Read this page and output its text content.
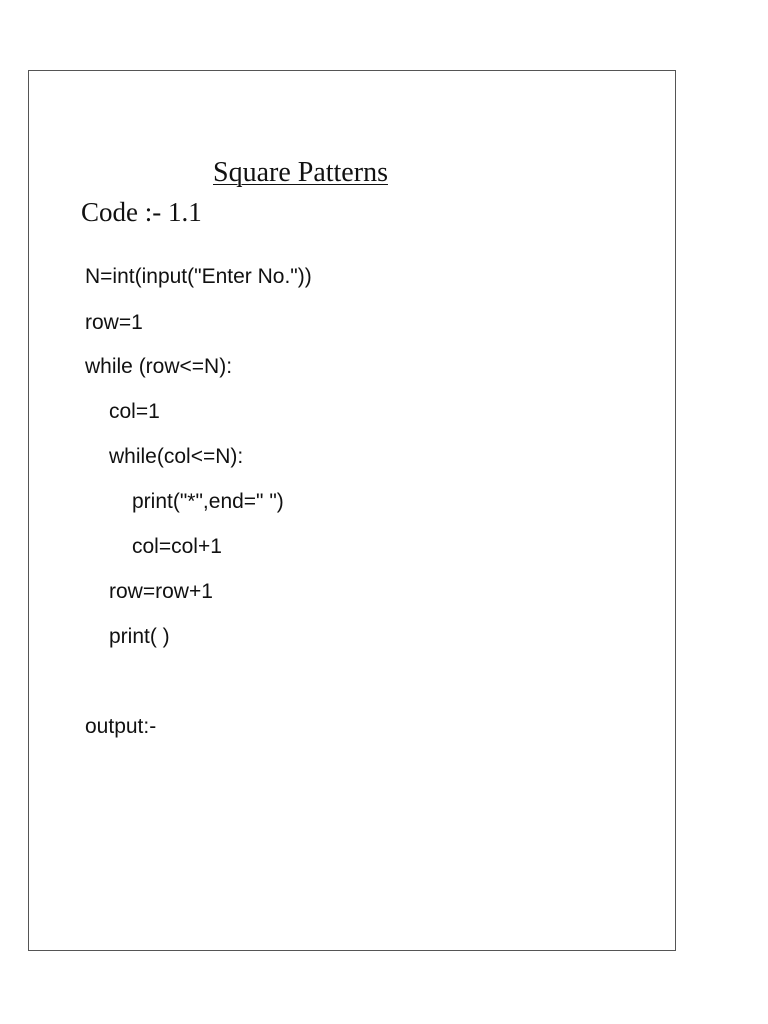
Square Patterns
Code :- 1.1
N=int(input("Enter No."))
row=1
while (row<=N):
col=1
while(col<=N):
print("*",end=" ")
col=col+1
row=row+1
print( )
output:-
